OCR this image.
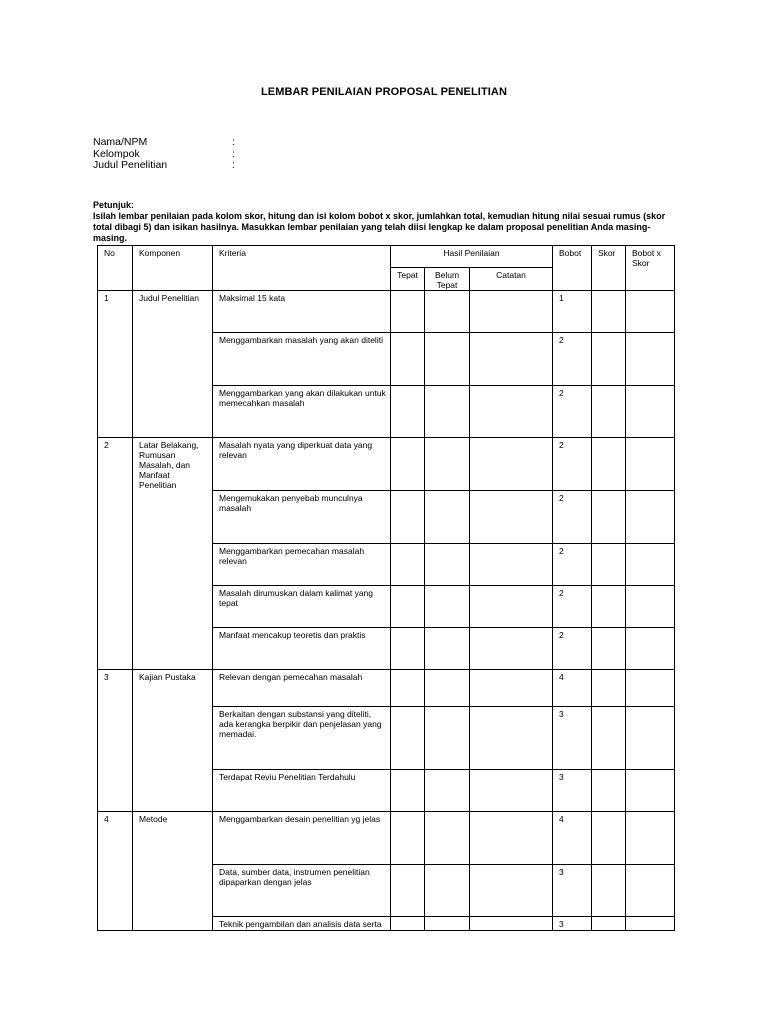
LEMBAR PENILAIAN PROPOSAL PENELITIAN
Nama/NPM	:
Kelompok	:
Judul Penelitian	:
Petunjuk:
Isilah lembar penilaian pada kolom skor, hitung dan isi kolom bobot x skor, jumlahkan total, kemudian hitung nilai sesuai rumus (skor total dibagi 5) dan isikan hasilnya. Masukkan lembar penilaian yang telah diisi lengkap ke dalam proposal penelitian Anda masing-masing.
No	Komponen	Kriteria	Hasil Penilaian			Bobot	Skor	Bobot x Skor
			Tepat	Belum Tepat	Catatan			
1	Judul Penelitian	Maksimal 15 kata				1		
		Menggambarkan masalah yang akan diteliti				2		
		Menggambarkan yang akan dilakukan untuk memecahkan masalah				2		
2	Latar Belakang, Rumusan Masalah, dan Manfaat Penelitian	Masalah nyata yang diperkuat data yang relevan				2		
		Mengemukakan penyebab munculnya masalah				2		
		Menggambarkan pemecahan masalah relevan				2		
		Masalah dirumuskan dalam kalimat yang tepat				2		
		Manfaat mencakup teoretis dan praktis				2		
3	Kajian Pustaka	Relevan dengan pemecahan masalah				4		
		Berkaitan dengan substansi yang diteliti, ada kerangka berpikir dan penjelasan yang memadai.				3		
		Terdapat Reviu Penelitian Terdahulu				3		
4	Metode	Menggambarkan desain penelitian yg jelas				4		
		Data, sumber data, instrumen penelitian dipaparkan dengan jelas				3		
		Teknik pengambilan dan analisis data serta				3		
